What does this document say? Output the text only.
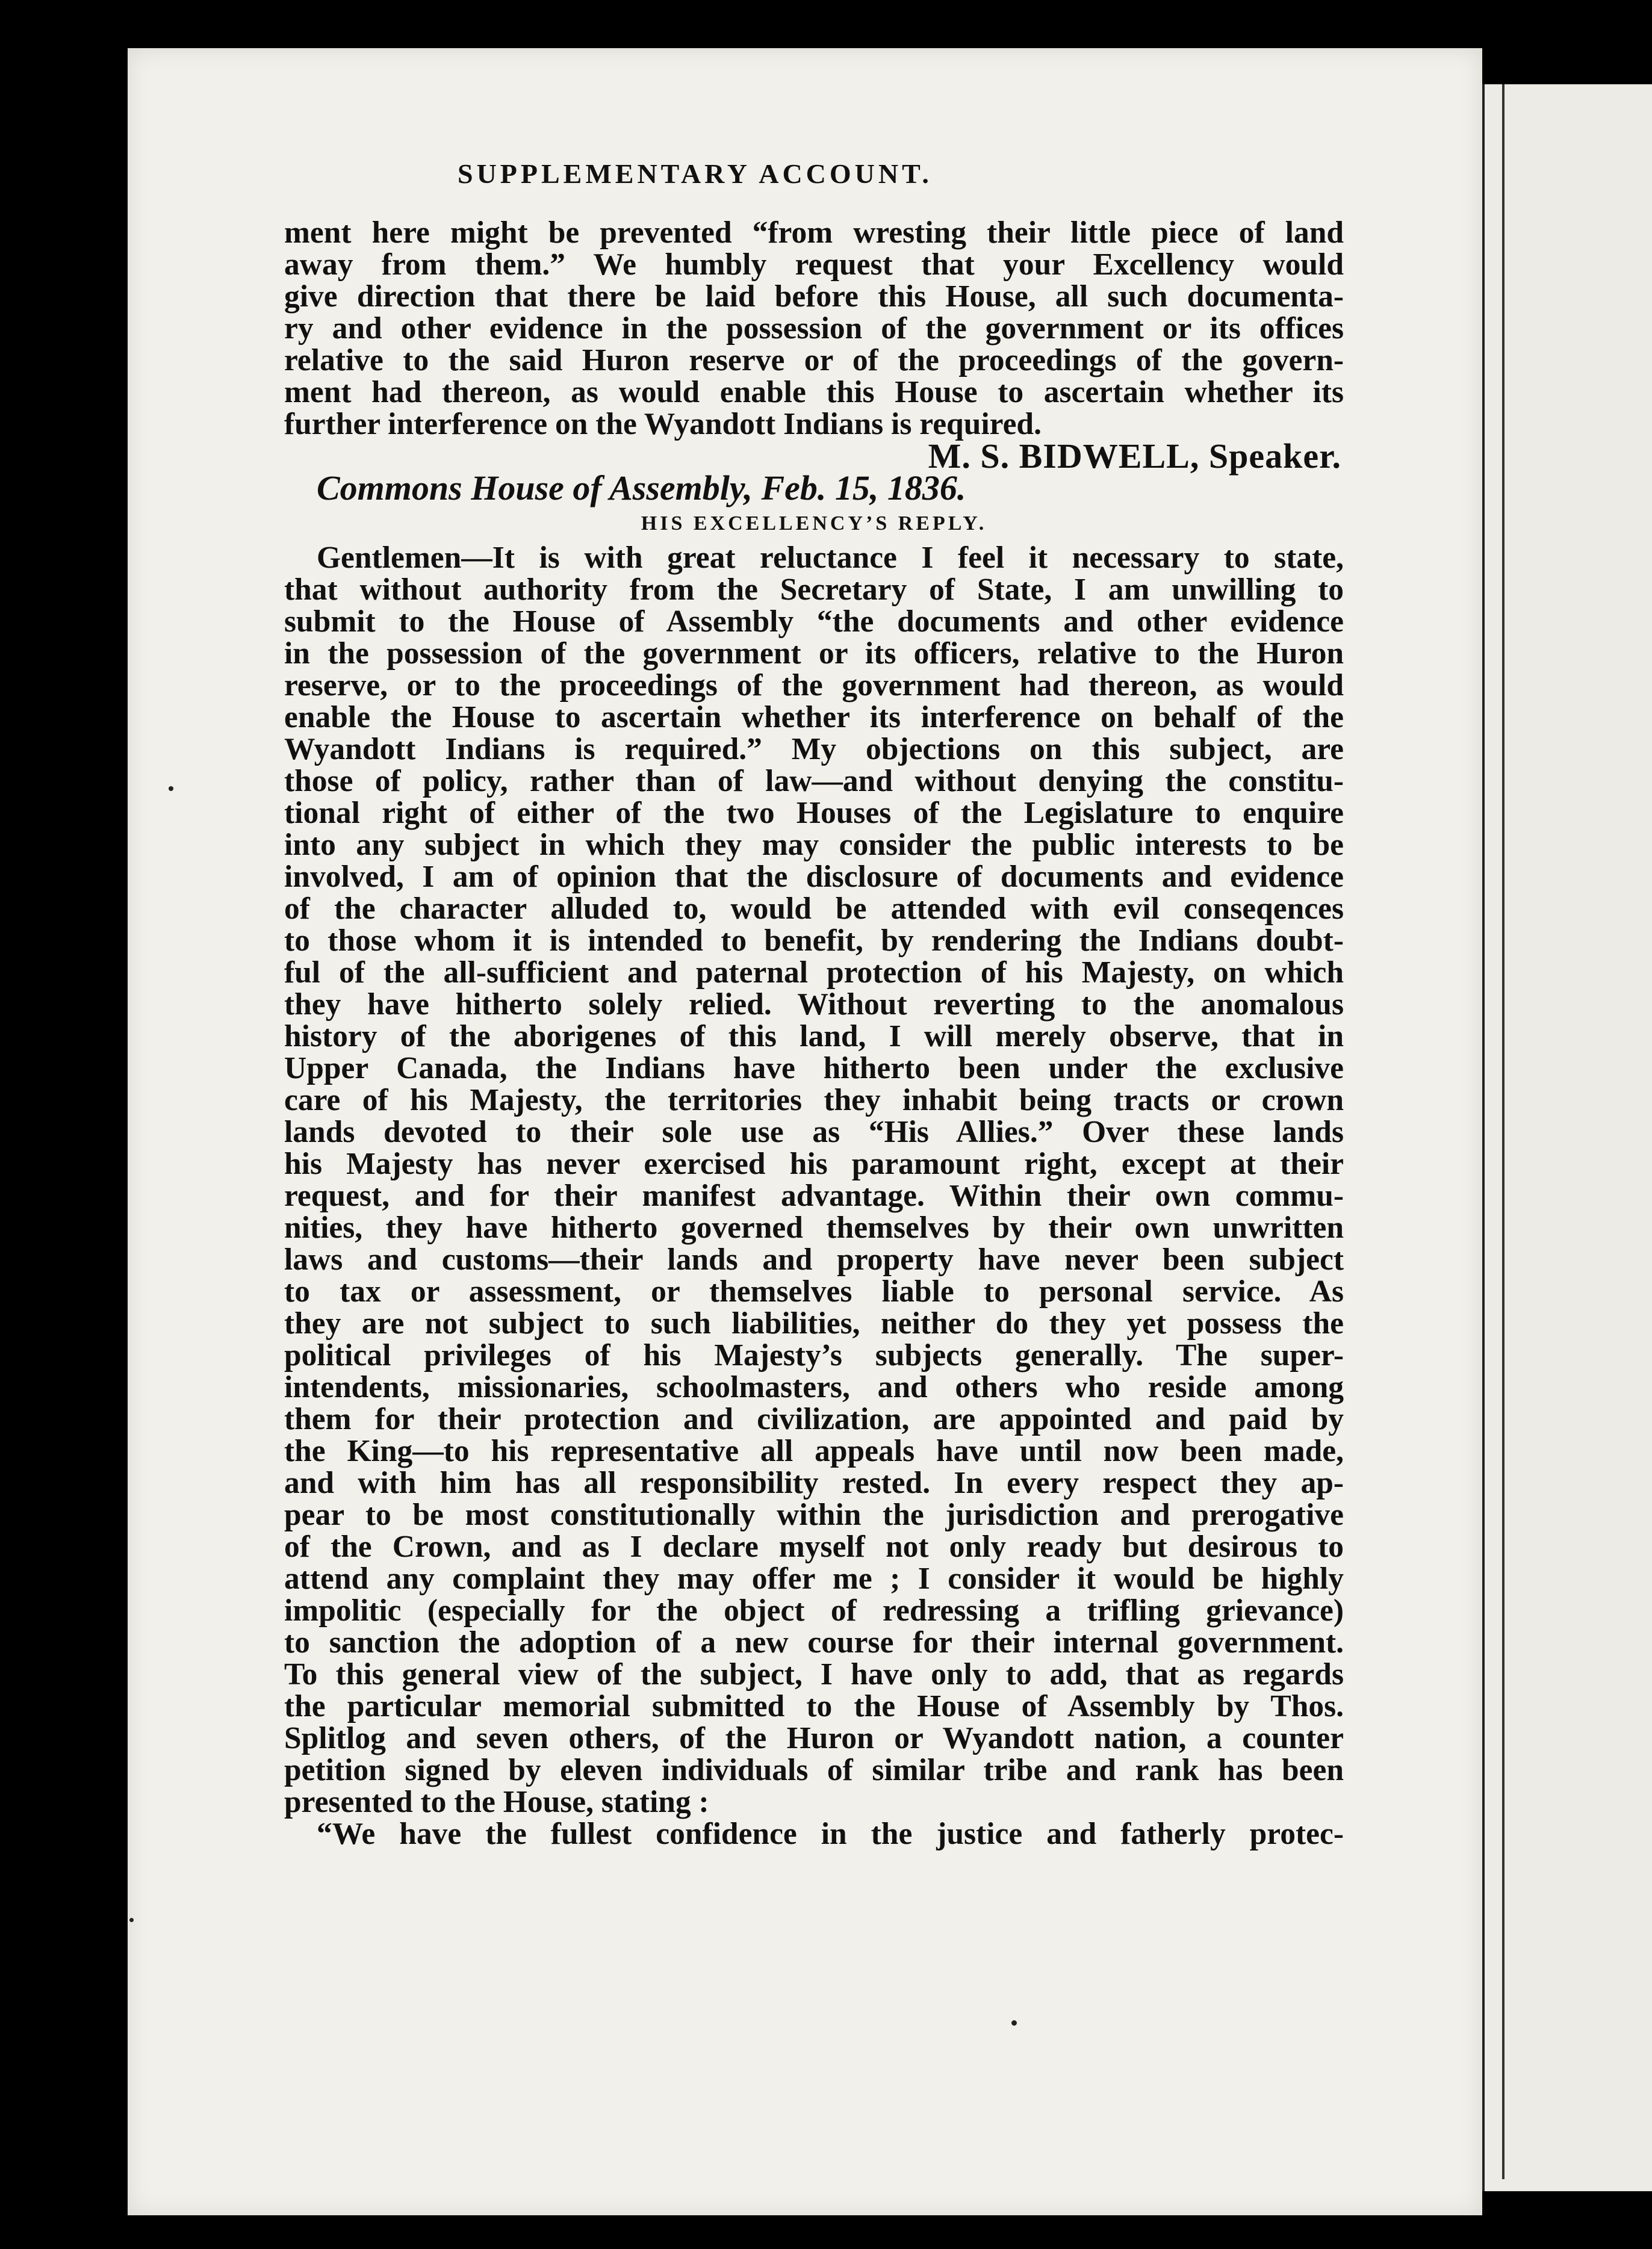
SUPPLEMENTARY ACCOUNT.
ment here might be prevented “from wresting their little piece of land
away from them.” We humbly request that your Excellency would
give direction that there be laid before this House, all such documenta-
ry and other evidence in the possession of the government or its offices
relative to the said Huron reserve or of the proceedings of the govern-
ment had thereon, as would enable this House to ascertain whether its
further interference on the Wyandott Indians is required.
M. S. BIDWELL, Speaker.
Commons House of Assembly, Feb. 15, 1836.
HIS EXCELLENCY’S REPLY.
Gentlemen—It is with great reluctance I feel it necessary to state,
that without authority from the Secretary of State, I am unwilling to
submit to the House of Assembly “the documents and other evidence
in the possession of the government or its officers, relative to the Huron
reserve, or to the proceedings of the government had thereon, as would
enable the House to ascertain whether its interference on behalf of the
Wyandott Indians is required.” My objections on this subject, are
those of policy, rather than of law—and without denying the constitu-
tional right of either of the two Houses of the Legislature to enquire
into any subject in which they may consider the public interests to be
involved, I am of opinion that the disclosure of documents and evidence
of the character alluded to, would be attended with evil conseqences
to those whom it is intended to benefit, by rendering the Indians doubt-
ful of the all-sufficient and paternal protection of his Majesty, on which
they have hitherto solely relied. Without reverting to the anomalous
history of the aborigenes of this land, I will merely observe, that in
Upper Canada, the Indians have hitherto been under the exclusive
care of his Majesty, the territories they inhabit being tracts or crown
lands devoted to their sole use as “His Allies.” Over these lands
his Majesty has never exercised his paramount right, except at their
request, and for their manifest advantage. Within their own commu-
nities, they have hitherto governed themselves by their own unwritten
laws and customs—their lands and property have never been subject
to tax or assessment, or themselves liable to personal service. As
they are not subject to such liabilities, neither do they yet possess the
political privileges of his Majesty’s subjects generally. The super-
intendents, missionaries, schoolmasters, and others who reside among
them for their protection and civilization, are appointed and paid by
the King—to his representative all appeals have until now been made,
and with him has all responsibility rested. In every respect they ap-
pear to be most constitutionally within the jurisdiction and prerogative
of the Crown, and as I declare myself not only ready but desirous to
attend any complaint they may offer me ; I consider it would be highly
impolitic (especially for the object of redressing a trifling grievance)
to sanction the adoption of a new course for their internal government.
To this general view of the subject, I have only to add, that as regards
the particular memorial submitted to the House of Assembly by Thos.
Splitlog and seven others, of the Huron or Wyandott nation, a counter
petition signed by eleven individuals of similar tribe and rank has been
presented to the House, stating :
“We have the fullest confidence in the justice and fatherly protec-
